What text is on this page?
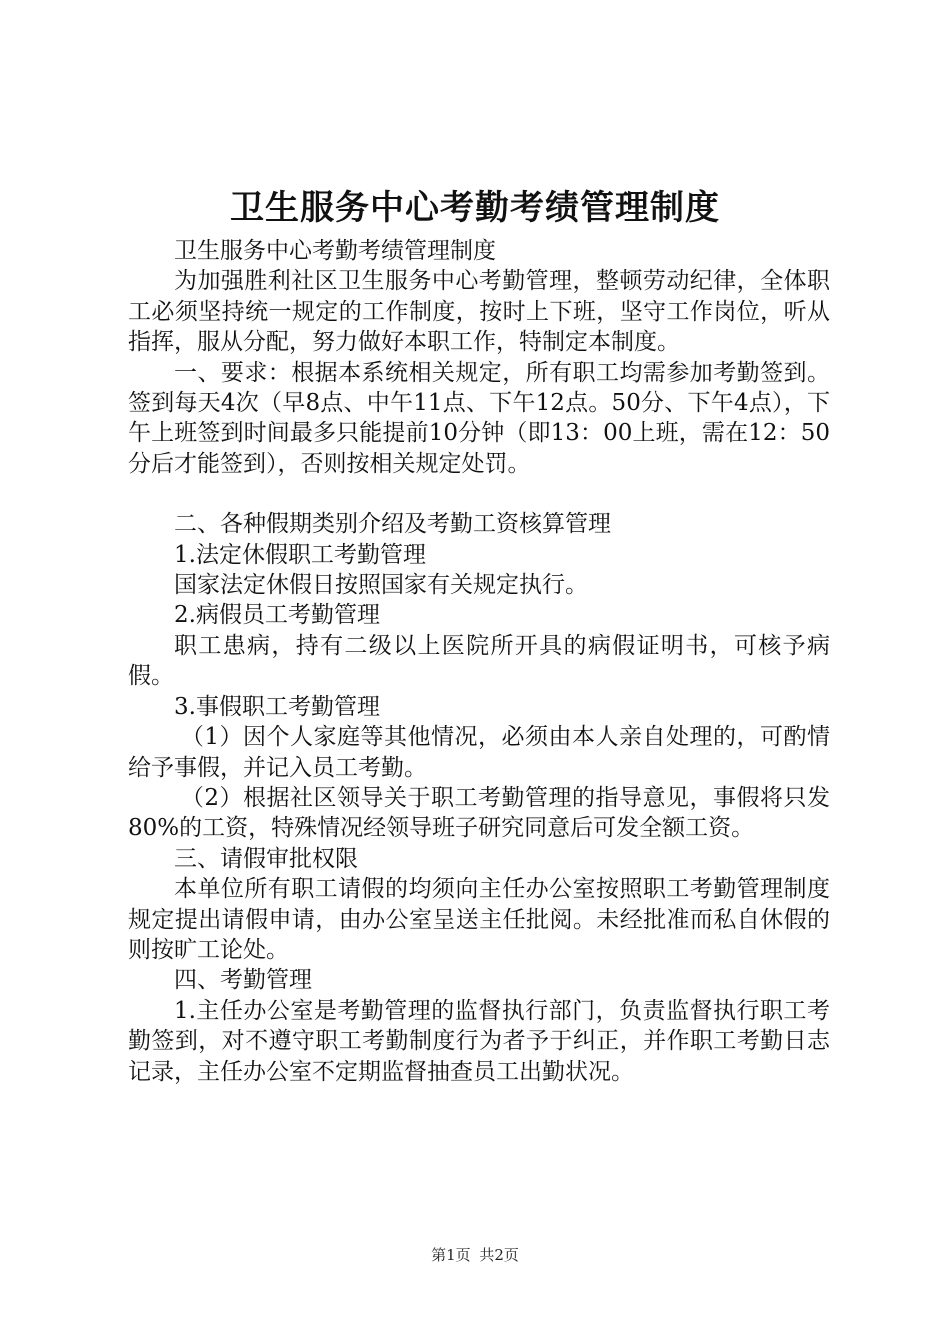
卫生服务中心考勤考绩管理制度

卫生服务中心考勤考绩管理制度

为加强胜利社区卫生服务中心考勤管理，整顿劳动纪律，全体职工必须坚持统一规定的工作制度，按时上下班，坚守工作岗位，听从指挥，服从分配，努力做好本职工作，特制定本制度。

一、要求：根据本系统相关规定，所有职工均需参加考勤签到。签到每天4次（早8点、中午11点、下午12点。50分、下午4点），下午上班签到时间最多只能提前10分钟（即13：00上班，需在12：50分后才能签到），否则按相关规定处罚。

二、各种假期类别介绍及考勤工资核算管理

1.法定休假职工考勤管理

国家法定休假日按照国家有关规定执行。

2.病假员工考勤管理

职工患病，持有二级以上医院所开具的病假证明书，可核予病假。

3.事假职工考勤管理

（1）因个人家庭等其他情况，必须由本人亲自处理的，可酌情给予事假，并记入员工考勤。

（2）根据社区领导关于职工考勤管理的指导意见，事假将只发80%的工资，特殊情况经领导班子研究同意后可发全额工资。

三、请假审批权限

本单位所有职工请假的均须向主任办公室按照职工考勤管理制度规定提出请假申请，由办公室呈送主任批阅。未经批准而私自休假的则按旷工论处。

四、考勤管理

1.主任办公室是考勤管理的监督执行部门，负责监督执行职工考勤签到，对不遵守职工考勤制度行为者予于纠正，并作职工考勤日志记录，主任办公室不定期监督抽查员工出勤状况。

第1页 共2页
